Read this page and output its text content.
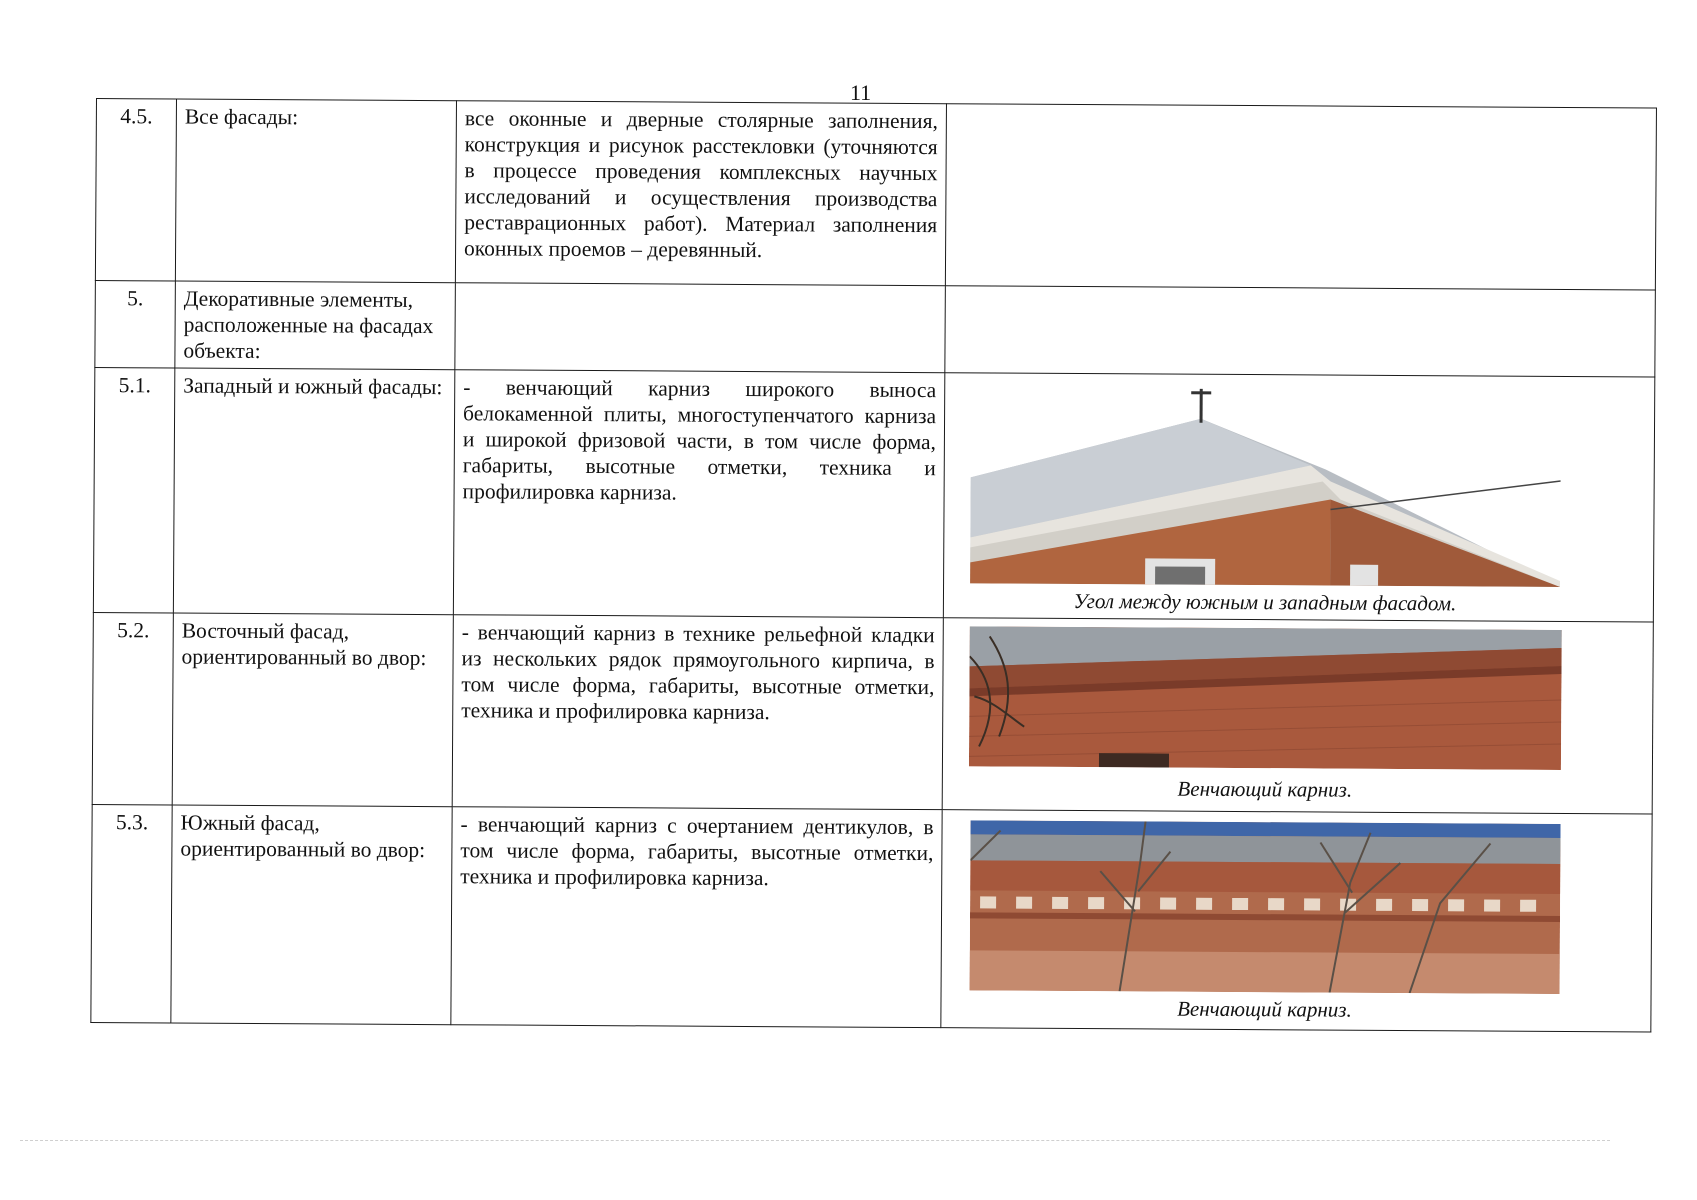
11
4.5.	Все фасады:	все оконные и дверные столярные заполнения, конструкция и рисунок расстекловки (уточняются в процессе проведения комплексных научных исследований и осуществления производства реставрационных работ). Материал заполнения оконных проемов – деревянный.	
5.	Декоративные элементы, расположенные на фасадах объекта:		
5.1.	Западный и южный фасады:	- венчающий карниз широкого выноса белокаменной плиты, многоступенчатого карниза и широкой фризовой части, в том числе форма, габариты, высотные отметки, техника и профилировка карниза.	Угол между южным и западным фасадом.

5.2.	Восточный фасад, ориентированный во двор:	- венчающий карниз в технике рельефной кладки из нескольких рядок прямоугольного кирпича, в том числе форма, габариты, высотные отметки, техника и профилировка карниза.	Венчающий карниз.

5.3.	Южный фасад, ориентированный во двор:	- венчающий карниз с очертанием дентикулов, в том числе форма, габариты, высотные отметки, техника и профилировка карниза.	Венчающий карниз.
